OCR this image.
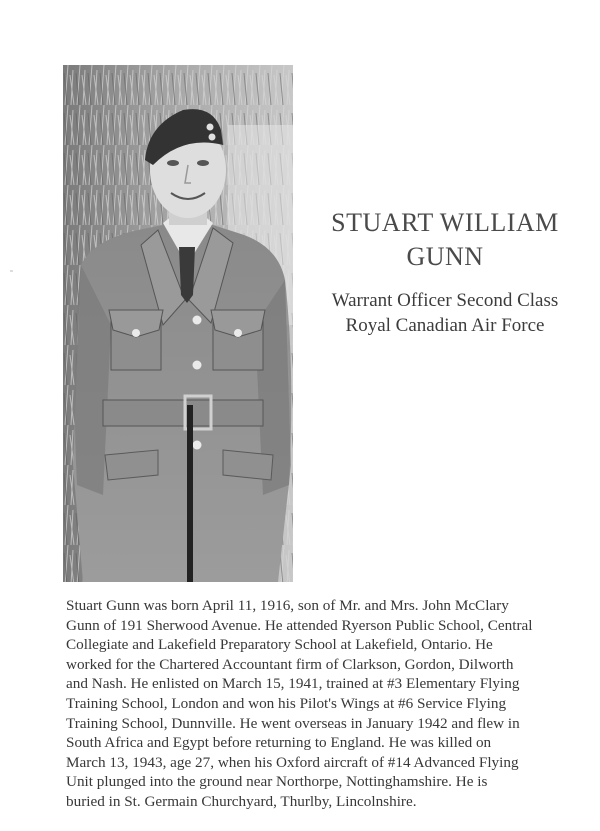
STUART WILLIAM
GUNN
Warrant Officer Second Class
Royal Canadian Air Force

Stuart Gunn was born April 11, 1916, son of Mr. and Mrs. John McClary
Gunn of 191 Sherwood Avenue. He attended Ryerson Public School, Central
Collegiate and Lakefield Preparatory School at Lakefield, Ontario. He
worked for the Chartered Accountant firm of Clarkson, Gordon, Dilworth
and Nash. He enlisted on March 15, 1941, trained at #3 Elementary Flying
Training School, London and won his Pilot's Wings at #6 Service Flying
Training School, Dunnville. He went overseas in January 1942 and flew in
South Africa and Egypt before returning to England. He was killed on
March 13, 1943, age 27, when his Oxford aircraft of #14 Advanced Flying
Unit plunged into the ground near Northorpe, Nottinghamshire. He is
buried in St. Germain Churchyard, Thurlby, Lincolnshire.
